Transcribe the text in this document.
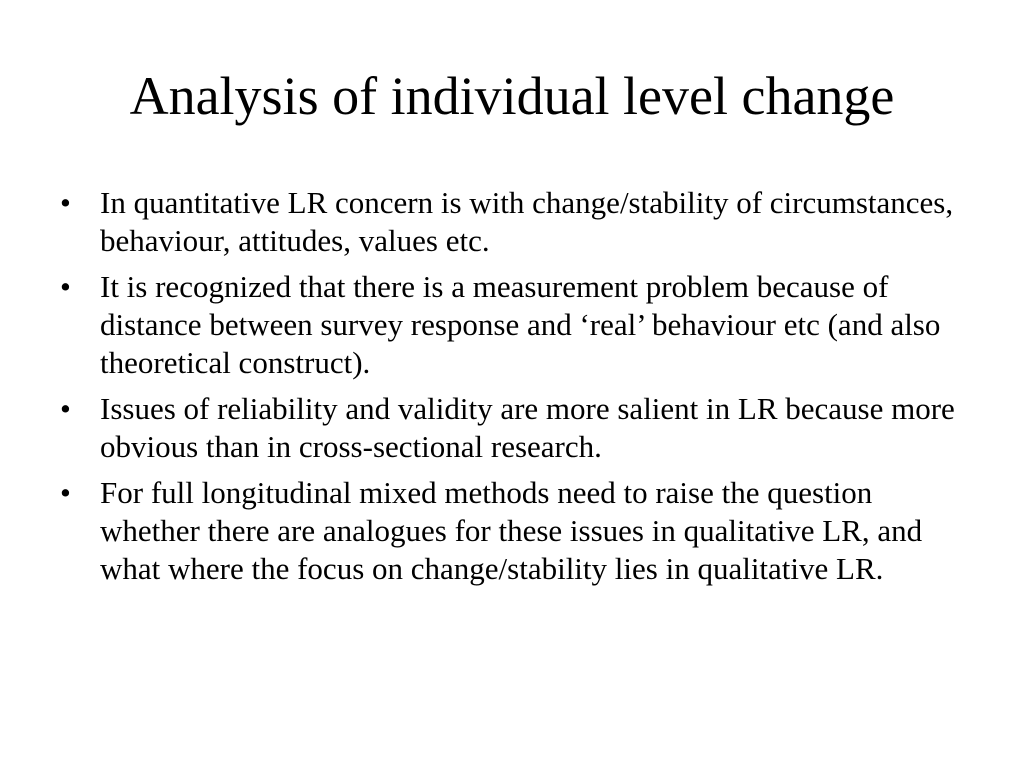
Analysis of individual level change
• In quantitative LR concern is with change/stability of circumstances, behaviour, attitudes, values etc.
• It is recognized that there is a measurement problem because of distance between survey response and ‘real’ behaviour etc (and also theoretical construct).
• Issues of reliability and validity are more salient in LR because more obvious than in cross-sectional research.
• For full longitudinal mixed methods need to raise the question whether there are analogues for these issues in qualitative LR, and what where the focus on change/stability lies in qualitative LR.
